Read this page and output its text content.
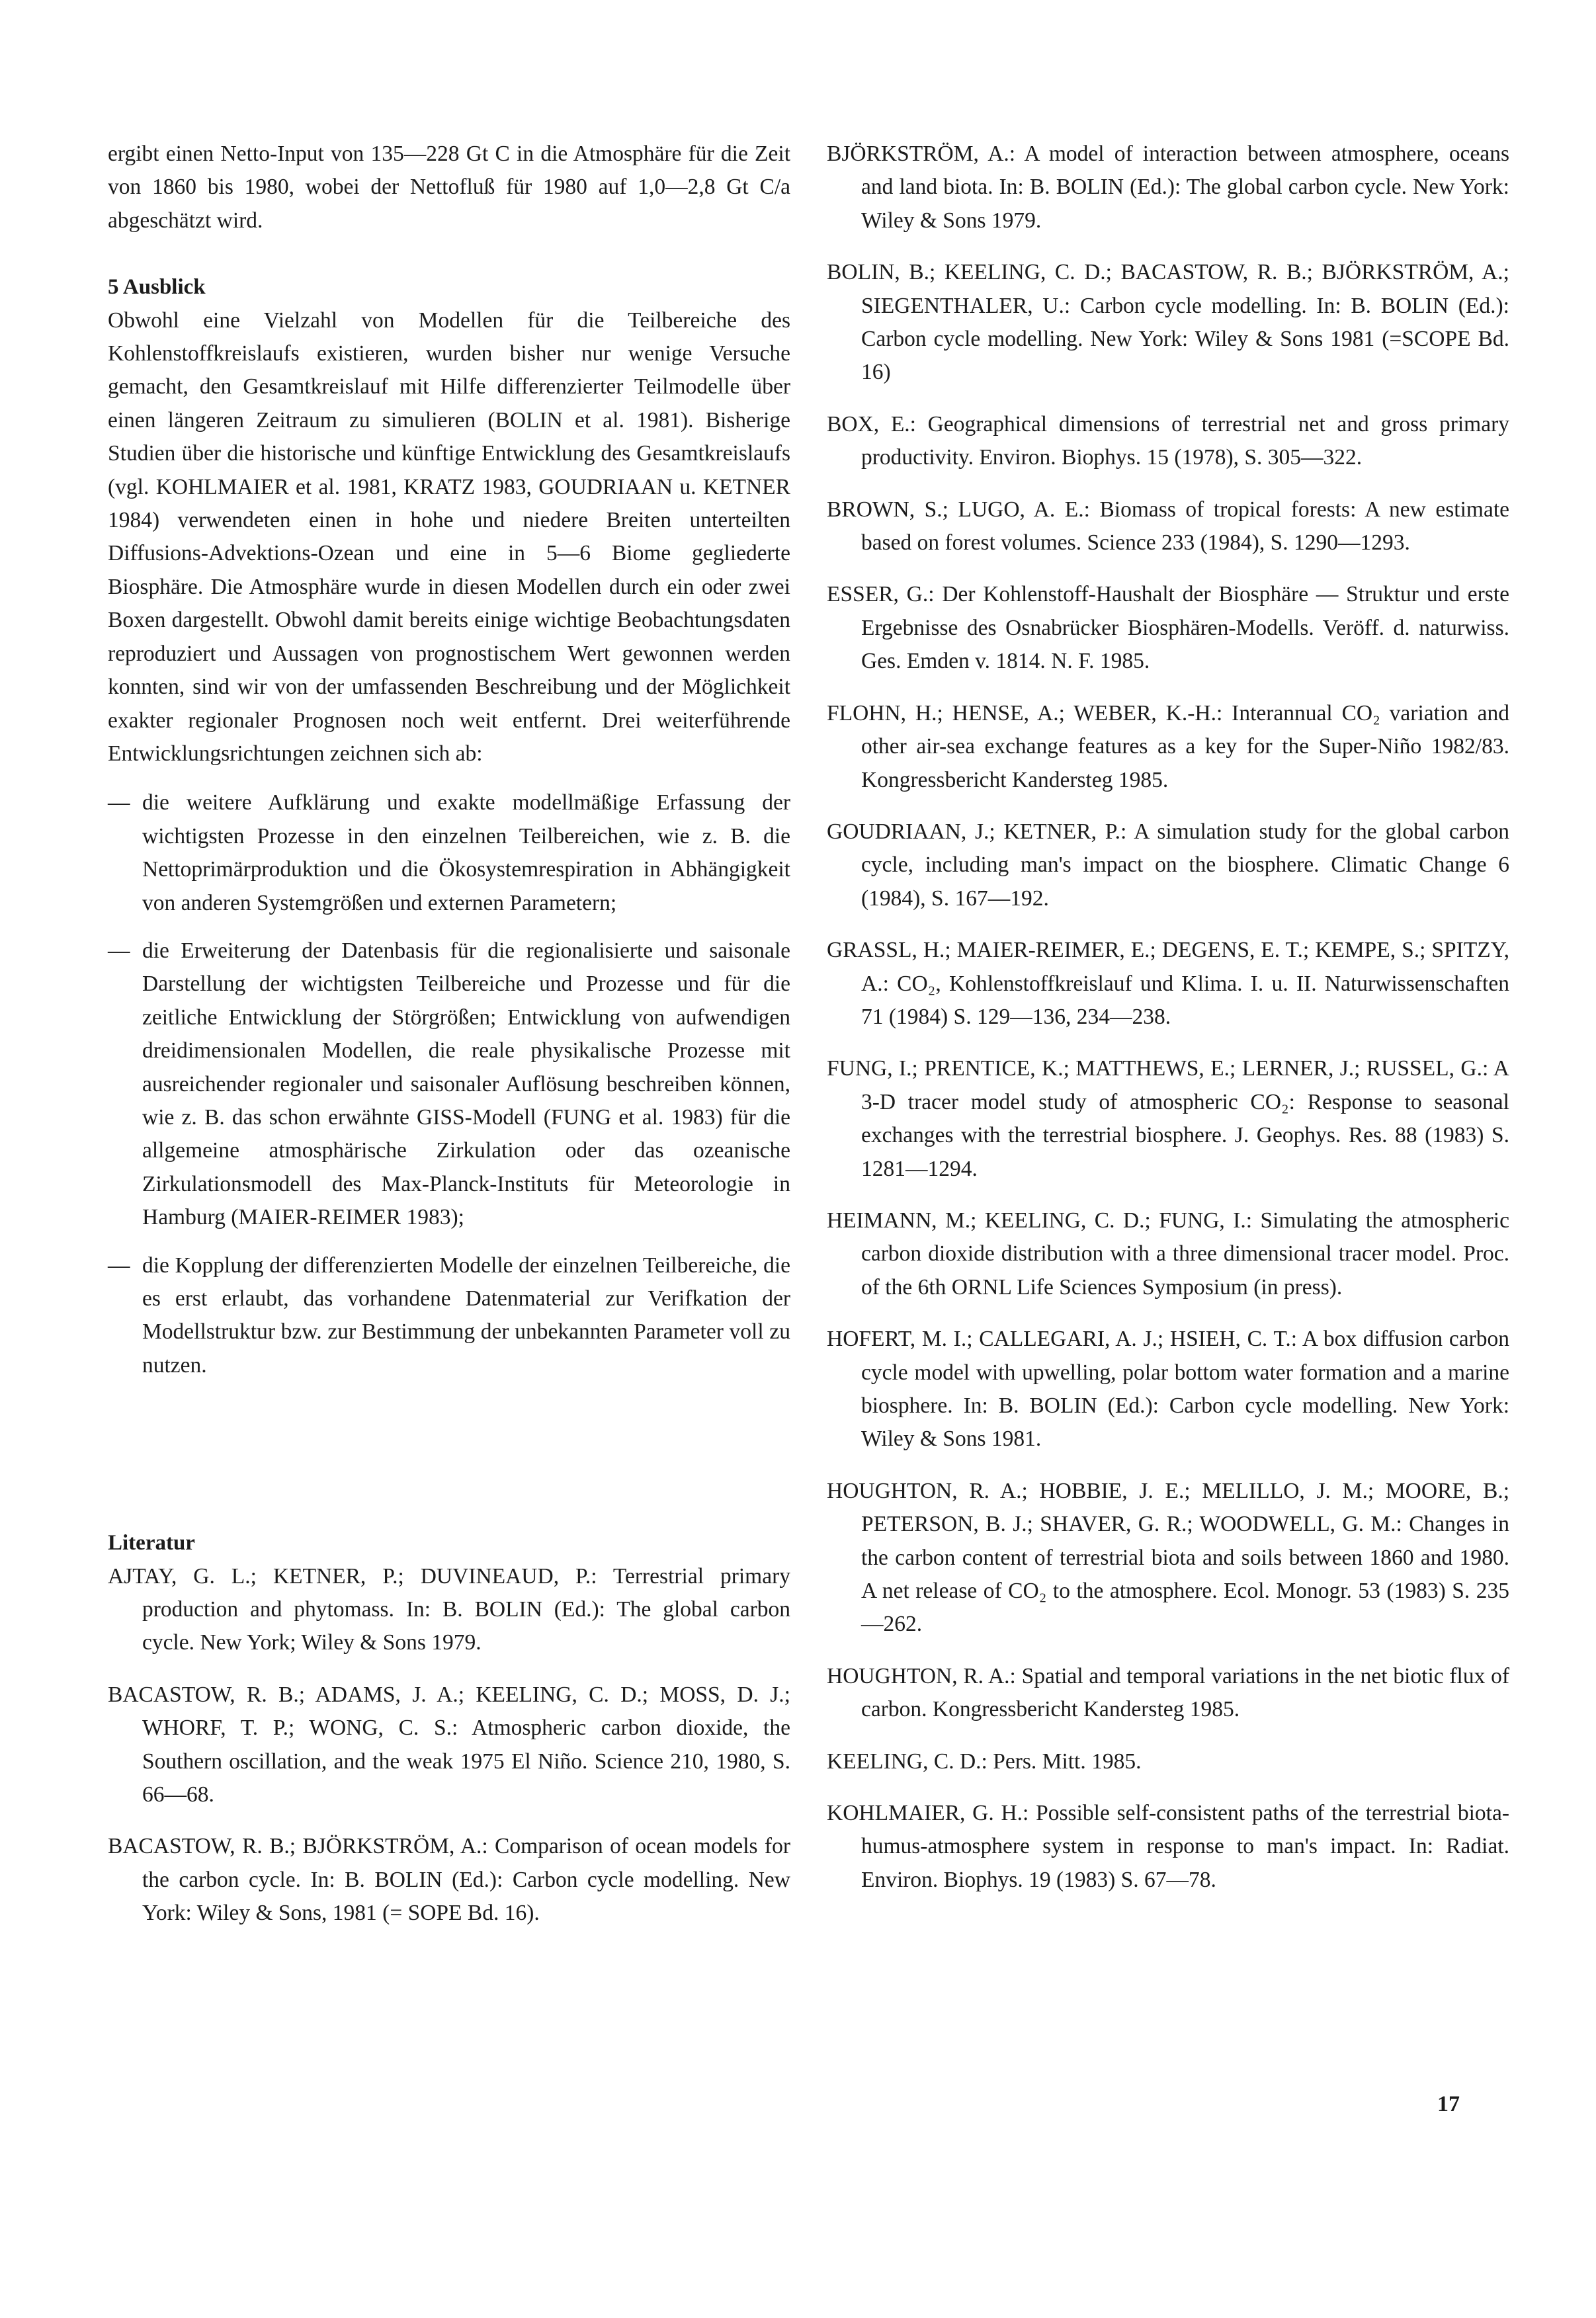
ergibt einen Netto-Input von 135—228 Gt C in die Atmosphäre für die Zeit von 1860 bis 1980, wobei der Nettofluß für 1980 auf 1,0—2,8 Gt C/a abgeschätzt wird.

5 Ausblick

Obwohl eine Vielzahl von Modellen für die Teilbereiche des Kohlenstoffkreislaufs existieren, wurden bisher nur wenige Versuche gemacht, den Gesamtkreislauf mit Hilfe differenzierter Teilmodelle über einen längeren Zeitraum zu simulieren (BOLIN et al. 1981). Bisherige Studien über die historische und künftige Entwicklung des Gesamtkreislaufs (vgl. KOHLMAIER et al. 1981, KRATZ 1983, GOUDRIAAN u. KETNER 1984) verwendeten einen in hohe und niedere Breiten unterteilten Diffusions-Advektions-Ozean und eine in 5—6 Biome gegliederte Biosphäre. Die Atmosphäre wurde in diesen Modellen durch ein oder zwei Boxen dargestellt. Obwohl damit bereits einige wichtige Beobachtungsdaten reproduziert und Aussagen von prognostischem Wert gewonnen werden konnten, sind wir von der umfassenden Beschreibung und der Möglichkeit exakter regionaler Prognosen noch weit entfernt. Drei weiterführende Entwicklungsrichtungen zeichnen sich ab:

— die weitere Aufklärung und exakte modellmäßige Erfassung der wichtigsten Prozesse in den einzelnen Teilbereichen, wie z. B. die Nettoprimärproduktion und die Ökosystemrespiration in Abhängigkeit von anderen Systemgrößen und externen Parametern;
— die Erweiterung der Datenbasis für die regionalisierte und saisonale Darstellung der wichtigsten Teilbereiche und Prozesse und für die zeitliche Entwicklung der Störgrößen; Entwicklung von aufwendigen dreidimensionalen Modellen, die reale physikalische Prozesse mit ausreichender regionaler und saisonaler Auflösung beschreiben können, wie z. B. das schon erwähnte GISS-Modell (FUNG et al. 1983) für die allgemeine atmosphärische Zirkulation oder das ozeanische Zirkulationsmodell des Max-Planck-Instituts für Meteorologie in Hamburg (MAIER-REIMER 1983);
— die Kopplung der differenzierten Modelle der einzelnen Teilbereiche, die es erst erlaubt, das vorhandene Datenmaterial zur Verifkation der Modellstruktur bzw. zur Bestimmung der unbekannten Parameter voll zu nutzen.
Literatur

AJTAY, G. L.; KETNER, P.; DUVINEAUD, P.: Terrestrial primary production and phytomass. In: B. BOLIN (Ed.): The global carbon cycle. New York; Wiley & Sons 1979.

BACASTOW, R. B.; ADAMS, J. A.; KEELING, C. D.; MOSS, D. J.; WHORF, T. P.; WONG, C. S.: Atmospheric carbon dioxide, the Southern oscillation, and the weak 1975 El Niño. Science 210, 1980, S. 66—68.

BACASTOW, R. B.; BJÖRKSTRÖM, A.: Comparison of ocean models for the carbon cycle. In: B. BOLIN (Ed.): Carbon cycle modelling. New York: Wiley & Sons, 1981 (= SOPE Bd. 16).

BJÖRKSTRÖM, A.: A model of interaction between atmosphere, oceans and land biota. In: B. BOLIN (Ed.): The global carbon cycle. New York: Wiley & Sons 1979.

BOLIN, B.; KEELING, C. D.; BACASTOW, R. B.; BJÖRKSTRÖM, A.; SIEGENTHALER, U.: Carbon cycle modelling. In: B. BOLIN (Ed.): Carbon cycle modelling. New York: Wiley & Sons 1981 (=SCOPE Bd. 16)

BOX, E.: Geographical dimensions of terrestrial net and gross primary productivity. Environ. Biophys. 15 (1978), S. 305—322.

BROWN, S.; LUGO, A. E.: Biomass of tropical forests: A new estimate based on forest volumes. Science 233 (1984), S. 1290—1293.

ESSER, G.: Der Kohlenstoff-Haushalt der Biosphäre — Struktur und erste Ergebnisse des Osnabrücker Biosphären-Modells. Veröff. d. naturwiss. Ges. Emden v. 1814. N. F. 1985.

FLOHN, H.; HENSE, A.; WEBER, K.-H.: Interannual CO₂ variation and other air-sea exchange features as a key for the Super-Niño 1982/83. Kongressbericht Kandersteg 1985.

GOUDRIAAN, J.; KETNER, P.: A simulation study for the global carbon cycle, including man's impact on the biosphere. Climatic Change 6 (1984), S. 167—192.

GRASSL, H.; MAIER-REIMER, E.; DEGENS, E. T.; KEMPE, S.; SPITZY, A.: CO₂, Kohlenstoffkreislauf und Klima. I. u. II. Naturwissenschaften 71 (1984) S. 129—136, 234—238.

FUNG, I.; PRENTICE, K.; MATTHEWS, E.; LERNER, J.; RUSSEL, G.: A 3-D tracer model study of atmospheric CO₂: Response to seasonal exchanges with the terrestrial biosphere. J. Geophys. Res. 88 (1983) S. 1281—1294.

HEIMANN, M.; KEELING, C. D.; FUNG, I.: Simulating the atmospheric carbon dioxide distribution with a three dimensional tracer model. Proc. of the 6th ORNL Life Sciences Symposium (in press).

HOFERT, M. I.; CALLEGARI, A. J.; HSIEH, C. T.: A box diffusion carbon cycle model with upwelling, polar bottom water formation and a marine biosphere. In: B. BOLIN (Ed.): Carbon cycle modelling. New York: Wiley & Sons 1981.

HOUGHTON, R. A.; HOBBIE, J. E.; MELILLO, J. M.; MOORE, B.; PETERSON, B. J.; SHAVER, G. R.; WOODWELL, G. M.: Changes in the carbon content of terrestrial biota and soils between 1860 and 1980. A net release of CO₂ to the atmosphere. Ecol. Monogr. 53 (1983) S. 235—262.

HOUGHTON, R. A.: Spatial and temporal variations in the net biotic flux of carbon. Kongressbericht Kandersteg 1985.

KEELING, C. D.: Pers. Mitt. 1985.

KOHLMAIER, G. H.: Possible self-consistent paths of the terrestrial biota-humus-atmosphere system in response to man's impact. In: Radiat. Environ. Biophys. 19 (1983) S. 67—78.

17
